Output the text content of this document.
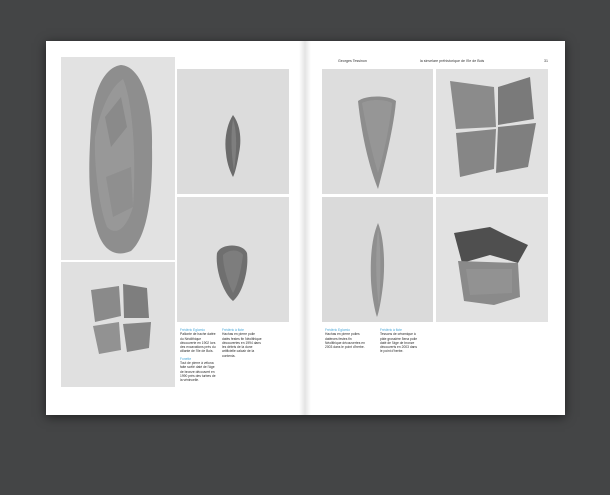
Frédéric Eglomio
Pallonte de hache datée du Néolithique découverte en 1902 lors des excavations près du cillante de l'île de Bois.
Fonette
Tout de pierre à véluna faite scélé daté de l'âge de bronze découvert en 1990 près des turbes de la vénincelle.
Frédéric à flote
Hachas en pierre polie datés festes fin Néolithique découvertes en 1994 dans les débris de la dune artificielle calcair de la contenia.
Georges Tessinon	la sinvelare préhistorique de l'île de Bois	31
Frédéric Eglomio
Hachas en pierre polies datérces festes fin Néolithique découvertes en 2003 dans le point d'herbe.
Frédéric à flote
Tessons de céramique à pâte grossière 5ena polie daté de l'âge de bronze découverts en 2003 dans le point d'herbe.
